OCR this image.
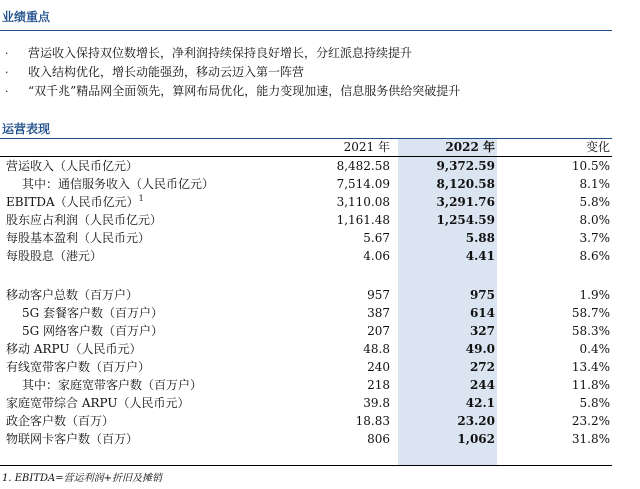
业绩重点
· 营运收入保持双位数增长，净利润持续保持良好增长，分红派息持续提升
· 收入结构优化，增长动能强劲，移动云迈入第一阵营
· “双千兆”精品网全面领先，算网布局优化，能力变现加速，信息服务供给突破提升
运营表现
2021 年	2022 年	变化
营运收入（人民币亿元）	8,482.58	9,372.59	10.5%
其中：通信服务收入（人民币亿元）	7,514.09	8,120.58	8.1%
EBITDA（人民币亿元）$^1$	3,110.08	3,291.76	5.8%
股东应占利润（人民币亿元）	1,161.48	1,254.59	8.0%
每股基本盈利（人民币元）	5.67	5.88	3.7%
每股股息（港元）	4.06	4.41	8.6%
移动客户总数（百万户）	957	975	1.9%
5G 套餐客户数（百万户）	387	614	58.7%
5G 网络客户数（百万户）	207	327	58.3%
移动 ARPU（人民币元）	48.8	49.0	0.4%
有线宽带客户数（百万户）	240	272	13.4%
其中：家庭宽带客户数（百万户）	218	244	11.8%
家庭宽带综合 ARPU（人民币元）	39.8	42.1	5.8%
政企客户数（百万）	18.83	23.20	23.2%
物联网卡客户数（百万）	806	1,062	31.8%
1. EBITDA=营运利润+折旧及摊销
